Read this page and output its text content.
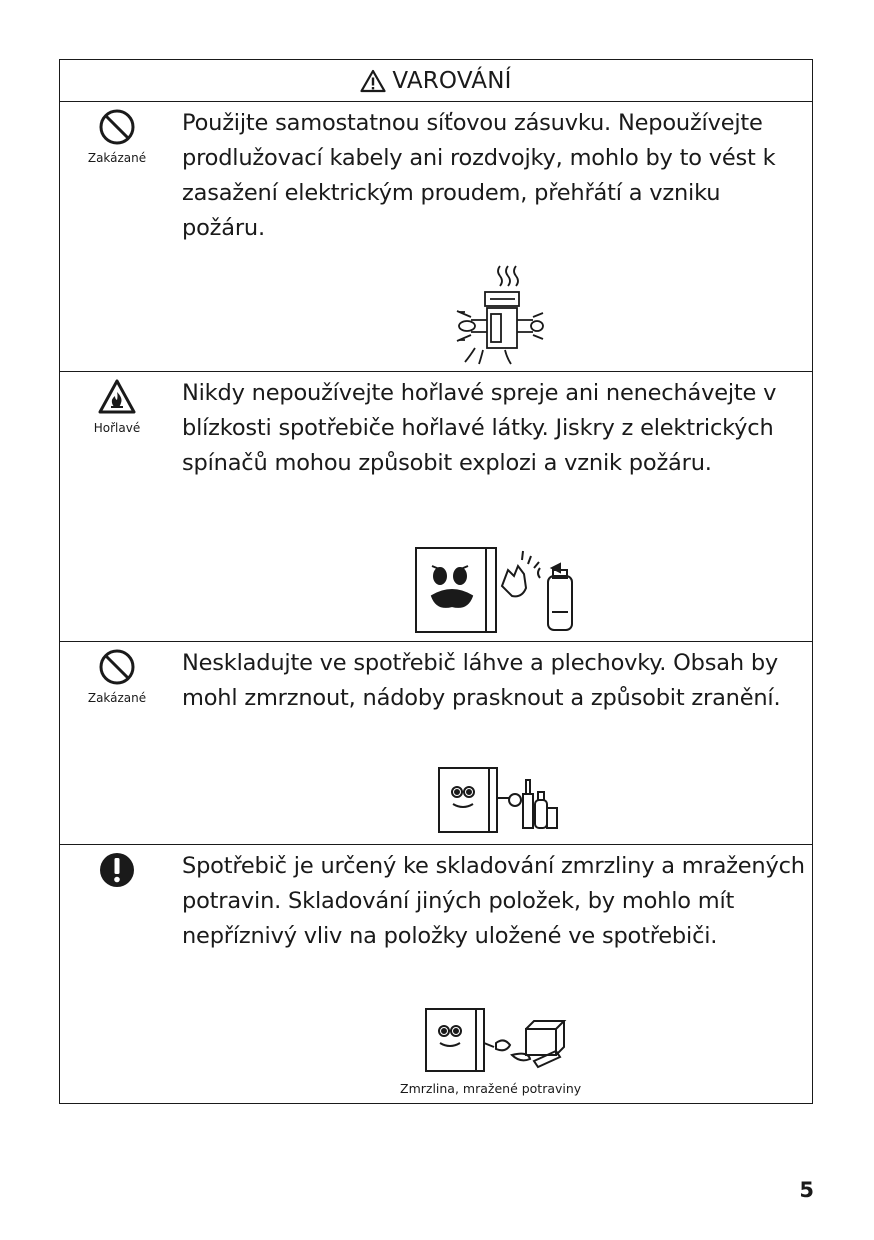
VAROVÁNÍ
Zakázané
Použijte samostatnou síťovou zásuvku. Nepoužívejte prodlužovací kabely ani rozdvojky, mohlo by to vést k zasažení elektrickým proudem, přehřátí a vzniku požáru.
Hořlavé
Nikdy nepoužívejte hořlavé spreje ani nenechávejte v blízkosti spotřebiče hořlavé látky. Jiskry z elektrických spínačů mohou způsobit explozi a vznik požáru.
Zakázané
Neskladujte ve spotřebič láhve a plechovky. Obsah by mohl zmrznout, nádoby prasknout a způsobit zranění.
Spotřebič je určený ke skladování zmrzliny a mražených potravin. Skladování jiných položek, by mohlo mít nepříznivý vliv na položky uložené ve spotřebiči.
Zmrzlina, mražené potraviny
5
